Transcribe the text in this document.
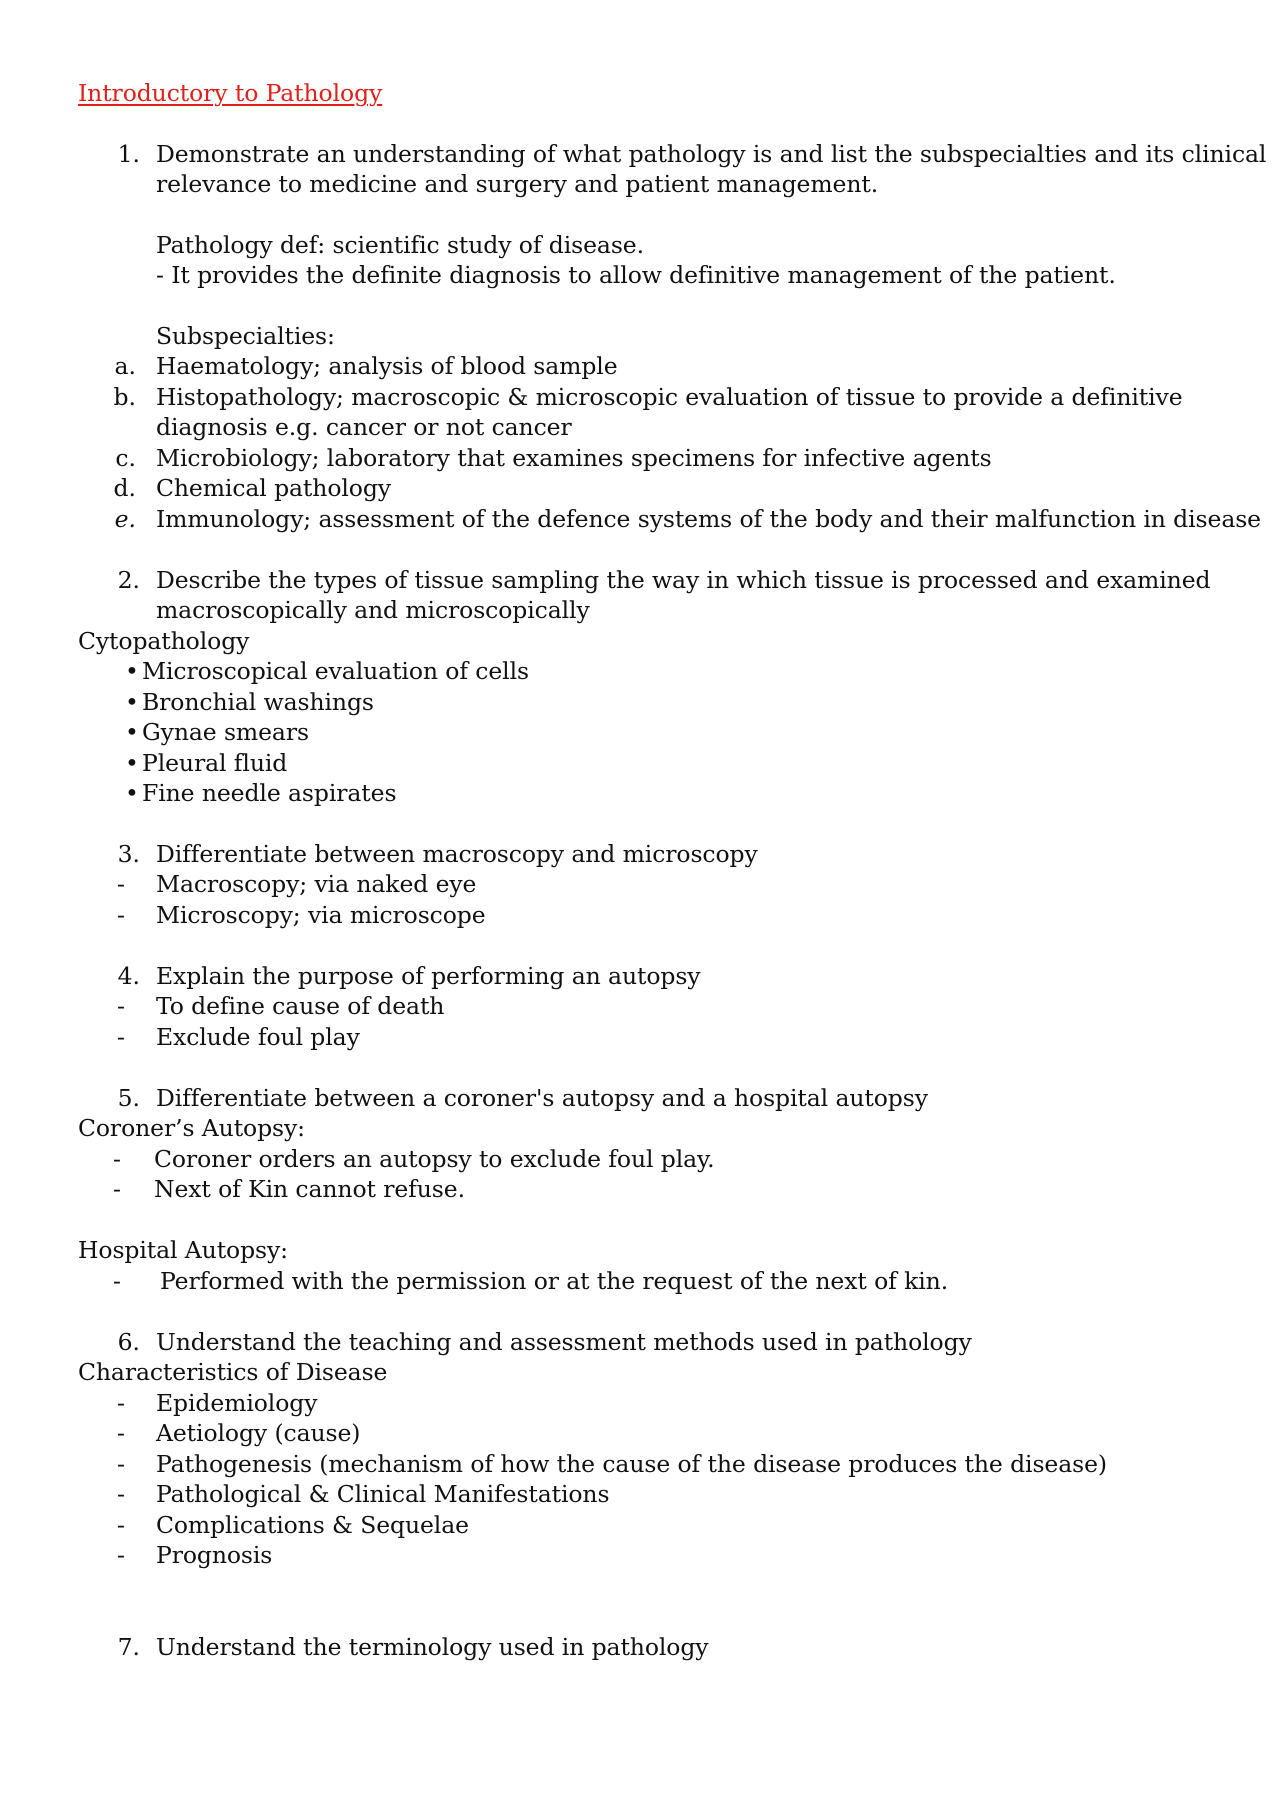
Introductory to Pathology
1. Demonstrate an understanding of what pathology is and list the subspecialties and its clinical
relevance to medicine and surgery and patient management.
Pathology def: scientific study of disease.
- It provides the definite diagnosis to allow definitive management of the patient.
Subspecialties:
a. Haematology; analysis of blood sample
b. Histopathology; macroscopic & microscopic evaluation of tissue to provide a definitive
diagnosis e.g. cancer or not cancer
c. Microbiology; laboratory that examines specimens for infective agents
d. Chemical pathology
e. Immunology; assessment of the defence systems of the body and their malfunction in disease
2. Describe the types of tissue sampling the way in which tissue is processed and examined
macroscopically and microscopically
Cytopathology
• Microscopical evaluation of cells
• Bronchial washings
• Gynae smears
• Pleural fluid
• Fine needle aspirates
3. Differentiate between macroscopy and microscopy
- Macroscopy; via naked eye
- Microscopy; via microscope
4. Explain the purpose of performing an autopsy
- To define cause of death
- Exclude foul play
5. Differentiate between a coroner's autopsy and a hospital autopsy
Coroner’s Autopsy:
- Coroner orders an autopsy to exclude foul play.
- Next of Kin cannot refuse.
Hospital Autopsy:
- Performed with the permission or at the request of the next of kin.
6. Understand the teaching and assessment methods used in pathology
Characteristics of Disease
- Epidemiology
- Aetiology (cause)
- Pathogenesis (mechanism of how the cause of the disease produces the disease)
- Pathological & Clinical Manifestations
- Complications & Sequelae
- Prognosis
7. Understand the terminology used in pathology
